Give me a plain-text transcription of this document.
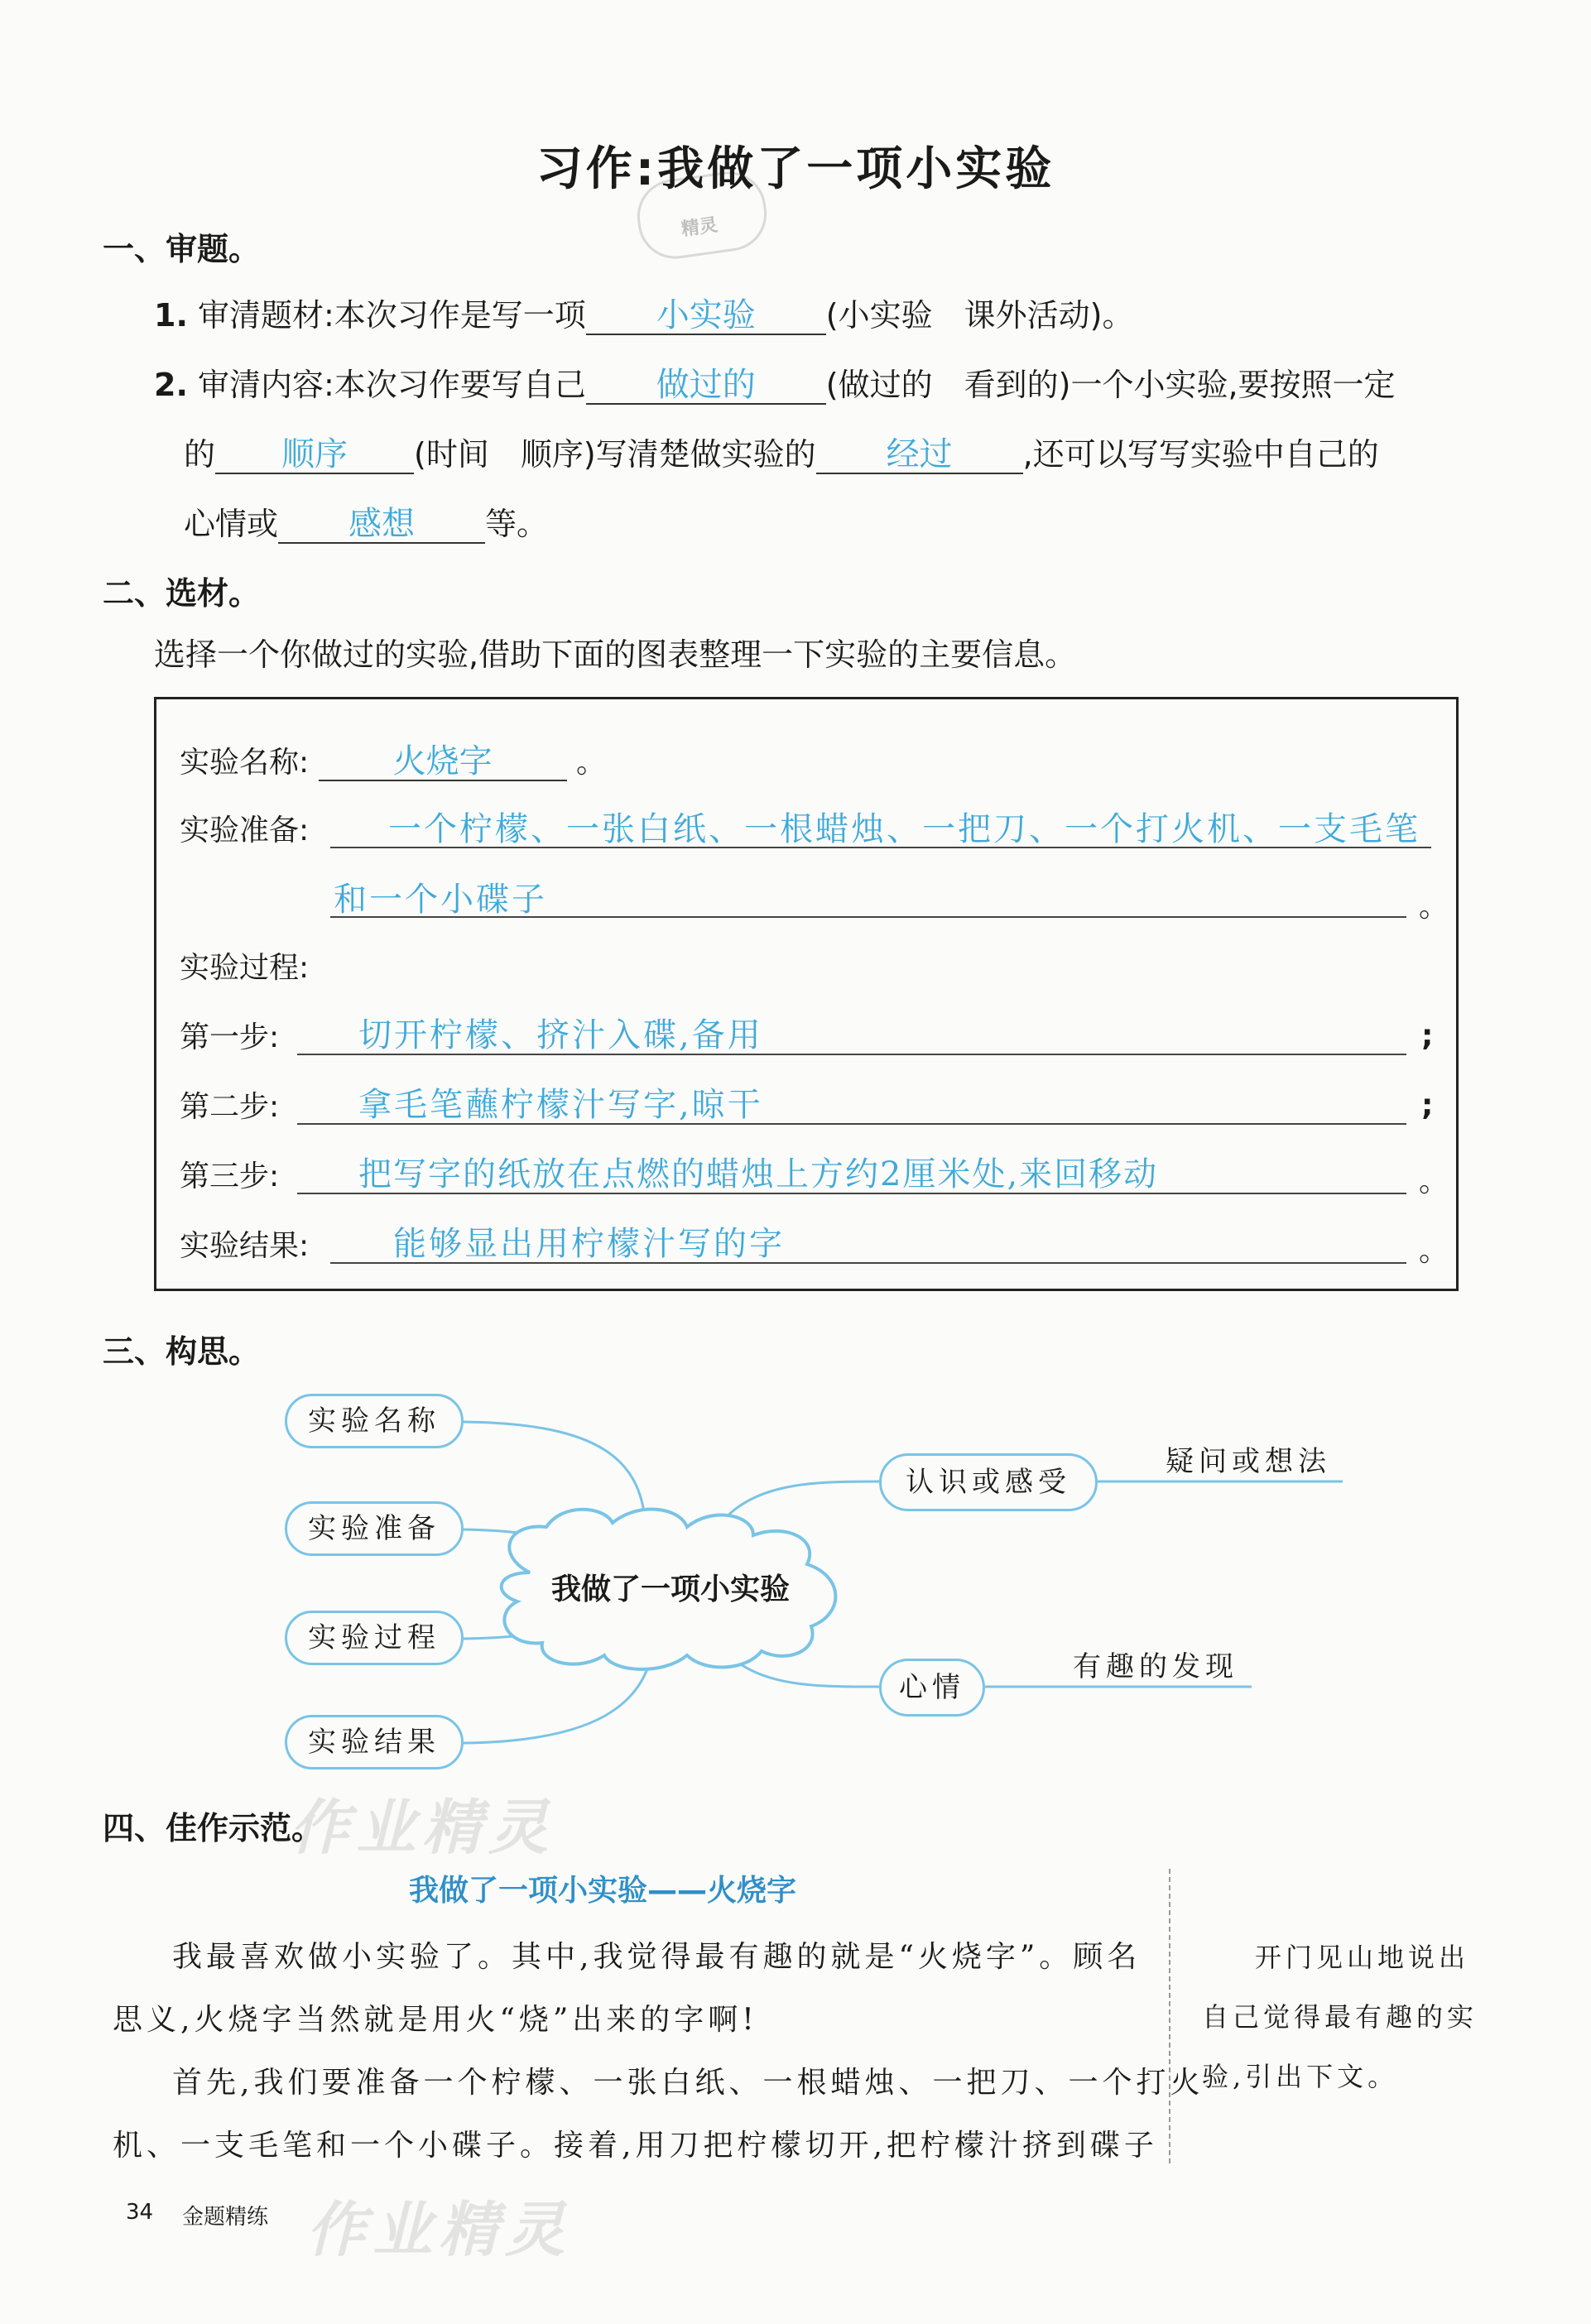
精灵
习作:我做了一项小实验
一、审题。
1. 审清题材:本次习作是写一项 小实验 (小实验　课外活动)。
2. 审清内容:本次习作要写自己 做过的 (做过的　看到的)一个小实验,要按照一定
的 顺序 (时间　顺序)写清楚做实验的 经过 ,还可以写写实验中自己的
心情或 感想 等。
二、选材。
选择一个你做过的实验,借助下面的图表整理一下实验的主要信息。
实验名称:	火烧字	。
实验准备: 一个柠檬、一张白纸、一根蜡烛、一把刀、一个打火机、一支毛笔
和一个小碟子	。
实验过程:
第一步: 切开柠檬、挤汁入碟,备用	;
第二步: 拿毛笔蘸柠檬汁写字,晾干	;
第三步: 把写字的纸放在点燃的蜡烛上方约2厘米处,来回移动	。
实验结果:	能够显出用柠檬汁写的字	。
三、构思。
我做了一项小实验
实验名称
实验准备
实验过程
实验结果
认识或感受
疑问或想法
心情
有趣的发现
四、佳作示范。
作业精灵
我做了一项小实验——火烧字
我最喜欢做小实验了。其中,我觉得最有趣的就是“火烧字”。顾名
思义,火烧字当然就是用火“烧”出来的字啊!
首先,我们要准备一个柠檬、一张白纸、一根蜡烛、一把刀、一个打火
机、一支毛笔和一个小碟子。接着,用刀把柠檬切开,把柠檬汁挤到碟子
开门见山地说出
自己觉得最有趣的实
验,引出下文。
34 金题精练 作业精灵
